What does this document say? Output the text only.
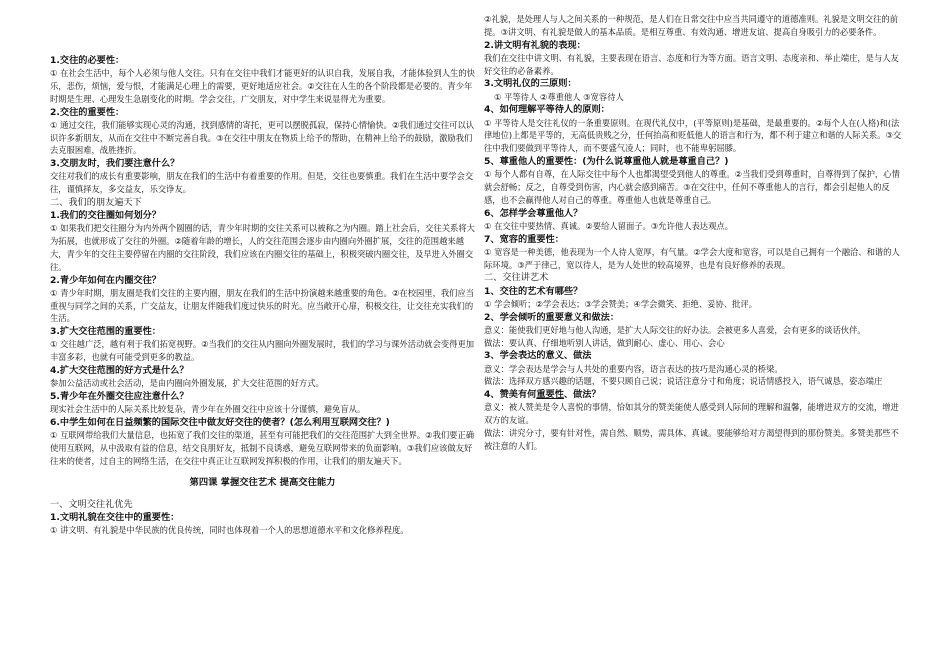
1.交往的必要性：

① 在社会生活中，每个人必须与他人交往。只有在交往中我们才能更好的认识自我，发展自我，才能体验到人生的快乐，悲伤，烦恼，爱与恨，才能满足心理上的需要，更好地适应社会。②交往在人生的各个阶段都是必要的。青少年时期是生理、心理发生急剧变化的时期。学会交往，广交朋友，对中学生来说显得尤为重要。

2.交往的重要性：

① 通过交往，我们能够实现心灵的沟通，找到感情的寄托，更可以摆脱孤寂，保持心情愉快。②我们通过交往可以认识许多新朋友，从而在交往中不断完善自我。③在交往中朋友在物质上给予的帮助，在精神上给予的鼓励，激励我们去克服困难，战胜挫折。

3.交朋友时，我们要注意什么？

交往对我们的成长有重要影响，朋友在我们的生活中有着重要的作用。但是，交往也要慎重。我们在生活中要学会交往，谨慎择友，多交益友，乐交诤友。

二、我们的朋友遍天下

1.我们的交往圈如何划分？

① 如果我们把交往圈分为内外两个圆圈的话，青少年时期的交往关系可以被称之为内圈。踏上社会后，交往关系将大为拓展，也就形成了交往的外圈。②随着年龄的增长，人的交往范围会逐步由内圈向外圈扩展，交往的范围越来越大，青少年的交往主要停留在内圈的交往阶段，我们应该在内圈交往的基础上，积极突破内圈交往，及早进入外圈交往。

2.青少年如何在内圈交往？

① 青少年时期，朋友圈是我们交往的主要内圈，朋友在我们的生活中扮演越来越重要的角色。②在校园里，我们应当重视与同学之间的关系，广交益友，让朋友伴随我们度过快乐的时光。应当敞开心扉，积极交往，让交往充实我们的生活。

3.扩大交往范围的重要性：

① 交往越广泛，越有利于我们拓宽视野。②当我们的交往从内圈向外圈发展时，我们的学习与课外活动就会变得更加丰富多彩，也就有可能受到更多的教益。

4.扩大交往范围的好方式是什么？

参加公益活动或社会活动，是由内圈向外圈发展，扩大交往范围的好方式。

5.青少年在外圈交往应注意什么？

现实社会生活中的人际关系比较复杂，青少年在外圈交往中应该十分谨慎，避免盲从。

6.中学生如何在日益频繁的国际交往中做友好交往的使者？(怎么利用互联网交往？)

① 互联网带给我们大量信息，也拓宽了我们交往的渠道，甚至有可能把我们的交往范围扩大到全世界。②我们要正确使用互联网，从中汲取有益的信息，结交良朋好友，抵制不良诱惑，避免互联网带来的负面影响。③我们应该做友好往来的使者，过自主的网络生活，在交往中真正让互联网发挥积极的作用，让我们的朋友遍天下。

第四课 掌握交往艺术 提高交往能力

一、文明交往礼优先

1.文明礼貌在交往中的重要性：

① 讲文明、有礼貌是中华民族的优良传统，同时也体现着一个人的思想道德水平和文化修养程度。

②礼貌，是处理人与人之间关系的一种规范，是人们在日常交往中应当共同遵守的道德准则。礼貌是文明交往的前提。③讲文明、有礼貌是做人的基本品质。是相互尊重、有效沟通、增进友谊、提高自身吸引力的必要条件。

2.讲文明有礼貌的表现：

我们在交往中讲文明、有礼貌，主要表现在语言、态度和行为等方面。语言文明、态度亲和、举止端庄，是与人友好交往的必备素养。

3.文明礼仪的三原则：

① 平等待人 ②尊重他人 ③宽容待人

4、如何理解平等待人的原则：

① 平等待人是交往礼仪的一条重要原则。在现代礼仪中，(平等原则)是基础，是最重要的。②每个人在(人格)和(法律地位)上都是平等的，无高低贵贱之分，任何抬高和贬低他人的语言和行为，都不利于建立和谐的人际关系。③交往中我们要做到平等待人，而不要盛气凌人；同时，也不能卑躬屈膝。

5、尊重他人的重要性：(为什么说尊重他人就是尊重自己？)

① 每个人都有自尊，在人际交往中每个人也都渴望受到他人的尊重。②当我们受到尊重时，自尊得到了保护，心情就会舒畅；反之，自尊受到伤害，内心就会感到痛苦。③在交往中，任何不尊重他人的言行，都会引起他人的反感，也不会赢得他人对自己的尊重。尊重他人也就是尊重自己。

6、怎样学会尊重他人？

① 在交往中要热情、真诚。②要给人留面子。③允许他人表达观点。

7、宽容的重要性：

① 宽容是一种美德，他表现为一个人待人宽厚，有气量。②学会大度和宽容，可以是自己拥有一个融洽、和谐的人际环境。③严于律己，宽以待人，是为人处世的较高境界，也是有良好修养的表现。

二、交往讲艺术

1、交往的艺术有哪些？

① 学会倾听；②学会表达；③学会赞美；④学会微笑、拒绝、妥协、批评。

2、学会倾听的重要意义和做法：

意义：能使我们更好地与他人沟通，是扩大人际交往的好办法。会被更多人喜爱，会有更多的谈话伙伴。

做法：要认真、仔细地听别人讲话，做到耐心、虚心、用心、会心

3、学会表达的意义、做法

意义：学会表达是学会与人共处的重要内容，语言表达的技巧是沟通心灵的桥梁。

做法：选择双方感兴趣的话题，不要只顾自己说；说话注意分寸和角度；说话情感投入，语气诚恳，姿态端庄

4、赞美有何重要性、做法？

意义：被人赞美是令人喜悦的事情，恰如其分的赞美能使人感受到人际间的理解和温馨，能增进双方的交流，增进双方的友谊。

做法：讲究分寸，要有针对性，需自然、顺势，需具体、真诚。要能够给对方渴望得到的那份赞美。多赞美那些不被注意的人们。
